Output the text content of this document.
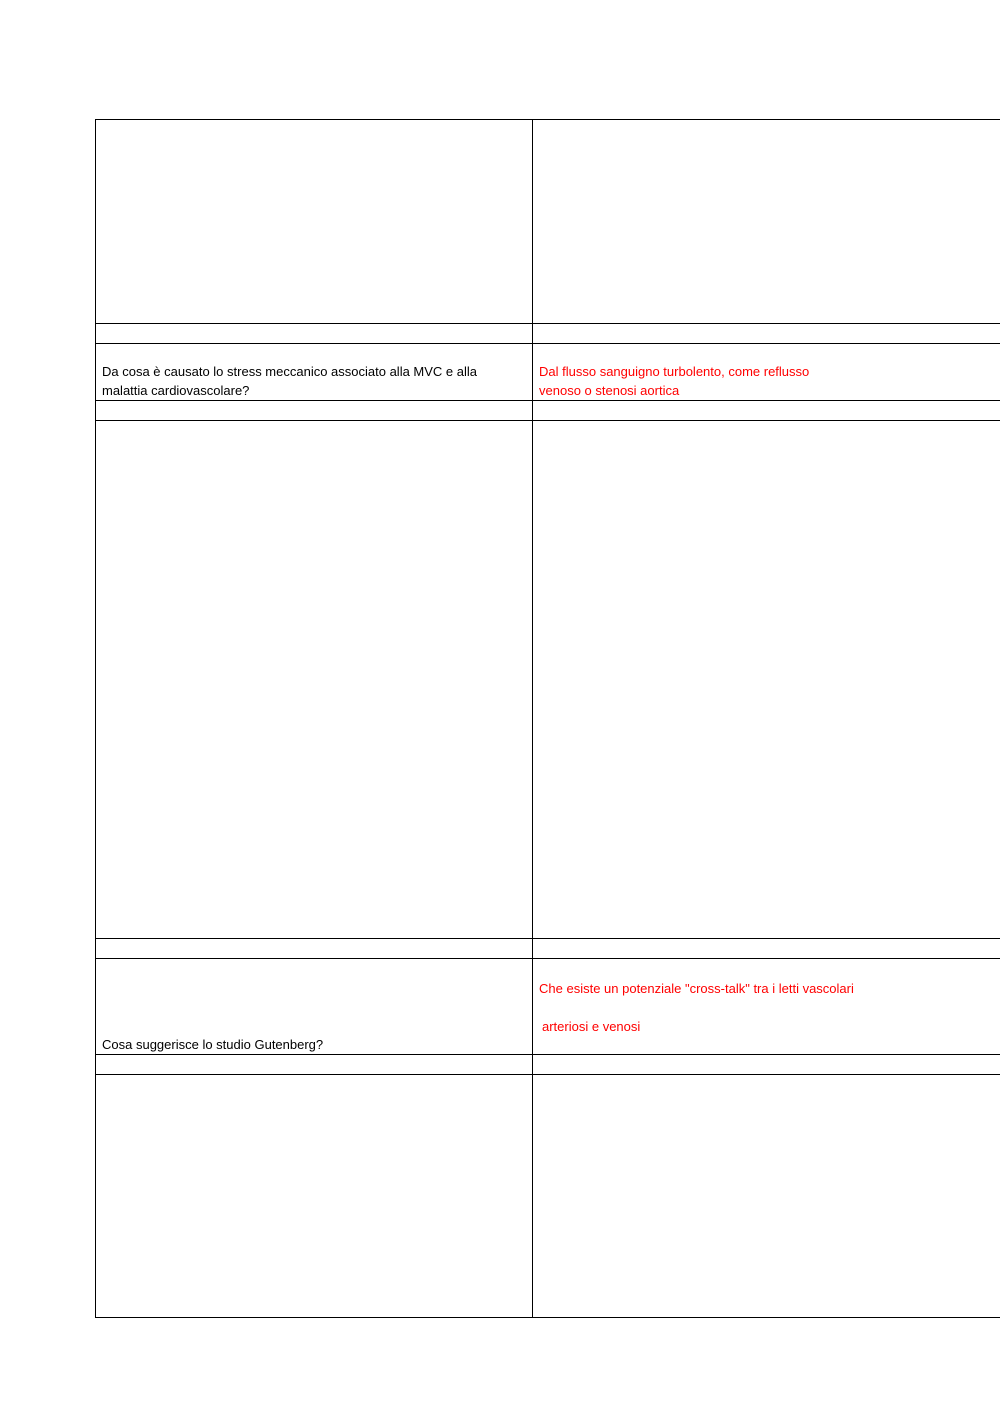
Da cosa è causato lo stress meccanico associato alla MVC e alla
malattia cardiovascolare?	Dal flusso sanguigno turbolento, come reflusso
venoso o stenosi aortica

Cosa suggerisce lo studio Gutenberg?	Che esiste un potenziale "cross-talk" tra i letti vascolari
arteriosi e venosi
